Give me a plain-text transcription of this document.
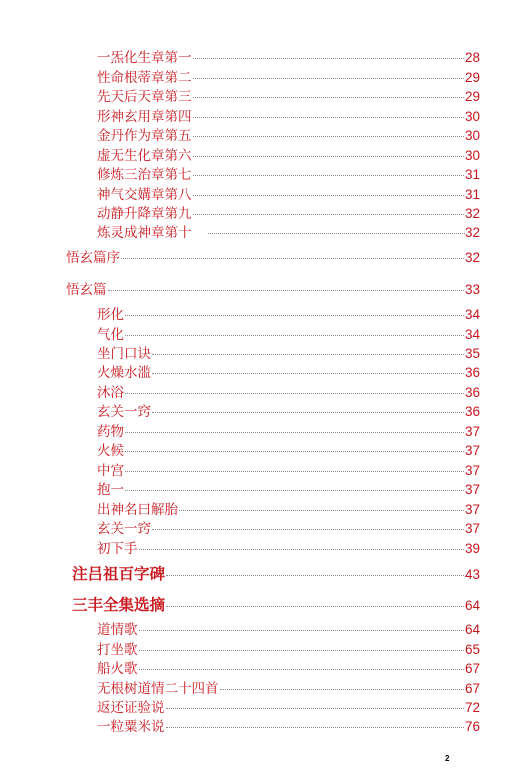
一炁化生章第一	28
性命根蒂章第二	29
先天后天章第三	29
形神玄用章第四	30
金丹作为章第五	30
虚无生化章第六	30
修炼三治章第七	31
神气交媾章第八	31
动静升降章第九	32
炼灵成神章第十	32
悟玄篇序	32
悟玄篇	33
形化	34
气化	34
坐门口诀	35
火燥水滥	36
沐浴	36
玄关一窍	36
药物	37
火候	37
中宫	37
抱一	37
出神名曰解胎	37
玄关一窍	37
初下手	39
注吕祖百字碑	43
三丰全集选摘	64
道情歌	64
打坐歌	65
船火歌	67
无根树道情二十四首	67
返还证验说	72
一粒粟米说	76
2
